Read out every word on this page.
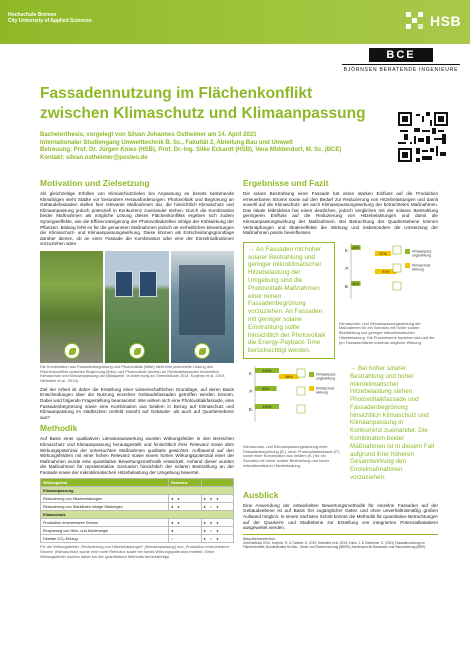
Hochschule Bremen
City University of Applied Sciences	HSB
BCE
BJÖRNSEN BERATENDE INGENIEURE
Fassadennutzung im Flächenkonflikt zwischen Klimaschutz und Klimaanpassung
Bachelorthesis, vorgelegt von Silvan Johannes Ostheimer am 14. April 2021
Internationaler Studiengang Umwelttechnik B. Sc., Fakultät 2, Abteilung Bau und Umwelt
Betreuung: Prof. Dr. Jürgen Knies (HSB), Prof. Dr.-Ing. Silke Eckardt (HSB), Vera Middendorf, M. Sc. (BCE)
Kontakt: silvan.ostheimer@posteo.de
Motivation und Zielsetzung

Als gleichzeitige Erfüllen von Klimaschutzzielen bei Anpassung an bereits bestehende Klimafolgen steht Städte vor besondere Herausforderungen. Photovoltaik und Begrünung an Gebäudefassaden stellen hier relevante Maßnahmen dar, die hinsichtlich Klimaschutz und Klimaanpassung jedoch potenziell in Konkurrenz zueinander stehen. Durch die Kombination beider Maßnahmen als mögliche Lösung dieses Flächenkonflikts ergeben sich zudem Synergieeffekte, wie die Effizienzsteigerung der Photovoltaikzellen infolge der Kühlwirkung der Pflanzen. Bislang fehlt es für die genannten Maßnahmen jedoch an einheitlichen Bewertungen der Klimaschutz- und Klimaanpassungswirkung. Diese können als Entscheidungsgrundlage darüber dienen, ob an einer Fassade die Kombination oder eine der Einzelmaßnahmen vorzuziehen wäre.

Die Kombination aus Fassadenbegrünung und Photovoltaik (Mitte) stellt eine potenzielle Lösung des Flächenkonflikts zwischen Begrünung (links) und Photovoltaik (rechts) an Gebäudefassaden hinsichtlich Klimaschutz und Klimaanpassung dar (Bildquelle: In Anlehnung an GreenfaSolar 2014, Korjenic et al. 2019, Heinstein et al., 2013).

Ziel der Arbeit ist daher die Erstellung einer wissenschaftlichen Grundlage, auf deren Basis Entscheidungen über die Nutzung einzelner Gebäudefassaden getroffen werden können. Dabei wird folgende Fragestellung beantwortet: Wie wirken sich eine Photovoltaikfassade, eine Fassadenbegrünung sowie eine Kombination aus beidem in Bezug auf Klimaschutz und Klimaanpassung im städtischen Umfeld sowohl auf Gebäude- als auch auf Quartiersebene aus?

Methodik

Auf Basis einer qualitativen Literaturauswertung wurden Wirkungsfelder in den Bereichen Klimaschutz und Klimaanpassung herausgestellt und hinsichtlich ihrer Relevanz sowie dem Wirkungspotenzial der untersuchten Maßnahmen qualitativ gewichtet. Aufbauend auf den Wirkungsfeldern mit einer hohen Relevanz sowie einem hohen Wirkungspotenzial einer der Maßnahmen wurde eine quantitative Bewertungsmethodik entwickelt. Anhand dieser wurden die Maßnahmen für repräsentative Szenarien hinsichtlich der solaren Bestrahlung an der Fassade sowie der mikroklimatischen Hitzebelastung der Umgebung bewertet.

Wirkungsfeld	Relevanz	
Klimaanpassung		
Reduzierung von Hitzebelastungen	● ●	● ● ●
Reduzierung von Starkfluten infolge Starkregen	● ●	● ○ ●
Klimaschutz		
Produktion erneuerbaren Stroms	● ●	● ● ●
Einsparung von Heiz- und Kühlenergie	●	● ○ ●
Direkter CO₂-Entzug	○	● ○ ●
Für die Wirkungsfelder „Reduzierung von Hitzebelastungen" (Klimaanpassung) und „Produktion erneuerbaren Stroms" (Klimaschutz) wurde eine hohe Relevanz sowie ein hohes Wirkungspotenzial ermittelt. Diese Wirkungsfelder wurden daher bei der quantitativen Methodik berücksichtigt.
Ergebnisse und Fazit

Die solare Bestrahlung einer Fassade hat einen starken Einfluss auf die Produktion erneuerbaren Stroms sowie auf den Bedarf zur Reduzierung von Hitzebelastungen und damit sowohl auf die Klimaschutz- als auch Klimaanpassungswirkung der betrachteten Maßnahmen. Das lokale Mikroklima hat einen deutlichen, jedoch verglichen mit der solaren Bestrahlung geringeren Einfluss auf die Reduzierung von Hitzebelastungen und damit die Klimaanpassungswirkung der Maßnahmen. Bei Betrachtung der Quartiersebene können Verknüpfungen und Skaleneffekte die Wirkung und insbesondere die Umsetzung der Maßnahmen positiv beeinflussen.

→ An Fassaden mit hoher solarer Bestrahlung und geringer mikroklimatischer Hitzebelastung der Umgebung sind die Photovoltaik-Maßnahmen einer reinen Fassadenbegrünung vorzuziehen. An Fassaden mit geringer solarer Einstrahlung sollte hinsichtlich der Photovoltaik die Energy-Payback-Time berücksichtigt werden.
K.
40%
67%
P.
91%
B.
40%
Klimaanpass
ungswirkung
Klimaschutz
wirkung
Klimaschutz- und Klimaanpassungswirkung der Maßnahmen für ein Szenario mit hoher solarer Bestrahlung und geringer mikroklimatischen Hitzebelastung. Die Prozentwerte beziehen sich auf die pro Fassadenfläche maximal mögliche Wirkung.
K.
100%
84%
P.
90%
B.
100%
Klimaanpass
ungswirkung
Klimaschutz
wirkung
Klimaschutz- und Klimaanpassungswirkung einer Fassadenbegrünung (B.), einer Photovoltaikfassade (P.) sowie einer Kombination aus beidem (K.) für ein Szenario mit hoher solarer Bestrahlung und hoher mikroklimatischer Hitzebelastung.
→ Bei hoher solarer Bestrahlung und hoher mikroklimatischer Hitzebelastung stehen Photovoltaikfassade und Fassadenbegrünung hinsichtlich Klimaschutz und Klimaanpassung in Konkurrenz zueinander. Die Kombination beider Maßnahmen ist in diesem Fall aufgrund ihrer höheren Gesamtwirkung den Einzelmaßnahmen vorzuziehen.
Ausblick

Eine Anwendung der entwickelten Bewertungsmethodik für einzelne Fassaden auf der Gebäudeebene ist auf Basis frei zugänglicher Daten und ohne unverhältnismäßig großen Aufwand möglich. In einem nächsten Schritt könnte die Methodik für quantitative Betrachtungen auf der Quartiers- und Stadtebene zur Erstellung von integrierten Potenzialkatastern ausgeweitet werden.

Bildquellenverzeichnis:
GreenfaSolar 2014; Korjenic, R. & Tudiwer, D. 2019; Heinstein et al. 2013; Knies, J. & Ostheimer, S. (2021) Fassadennutzung im Flächenkonflikt; Bundesinstitut für Bau-, Stadt- und Raumforschung (BBSR); Bundesamt für Bauwesen und Raumordnung (BBR).
